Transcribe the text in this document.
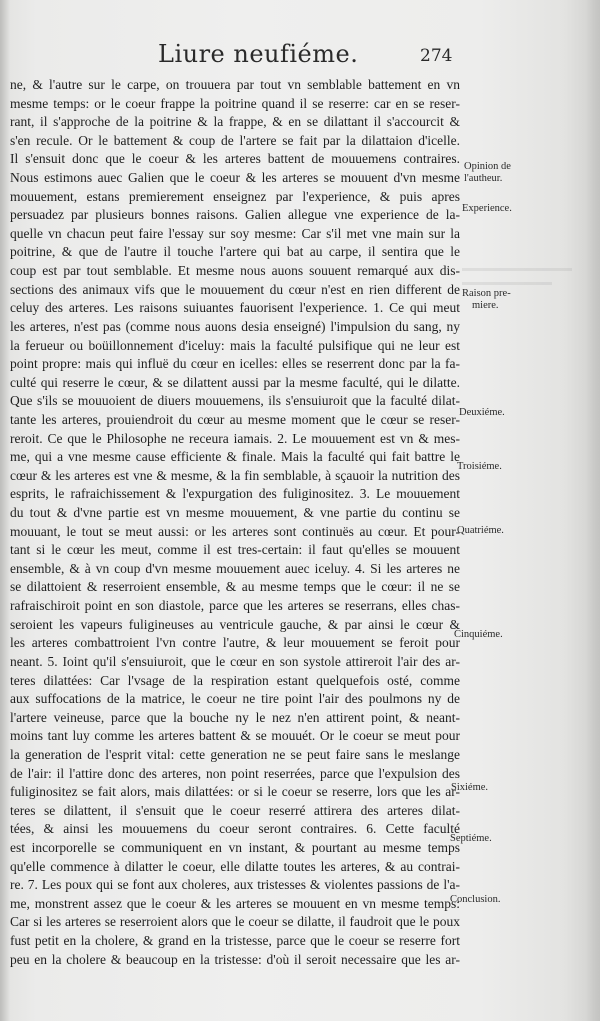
Liure neufiéme.	274
ne, & l'autre sur le carpe, on trouuera par tout vn semblable battement en vn
mesme temps: or le coeur frappe la poitrine quand il se reserre: car en se reser-
rant, il s'approche de la poitrine & la frappe, & en se dilattant il s'accourcit &
s'en recule. Or le battement & coup de l'artere se fait par la dilattaion d'icelle.
Il s'ensuit donc que le coeur & les arteres battent de mouuemens contraires.
Nous estimons auec Galien que le coeur & les arteres se mouuent d'vn mesme
mouuement, estans premierement enseignez par l'experience, & puis apres
persuadez par plusieurs bonnes raisons. Galien allegue vne experience de la-
quelle vn chacun peut faire l'essay sur soy mesme: Car s'il met vne main sur la
poitrine, & que de l'autre il touche l'artere qui bat au carpe, il sentira que le
coup est par tout semblable. Et mesme nous auons souuent remarqué aux dis-
sections des animaux vifs que le mouuement du cœur n'est en rien different de
celuy des arteres. Les raisons suiuantes fauorisent l'experience. 1. Ce qui meut
les arteres, n'est pas (comme nous auons desia enseigné) l'impulsion du sang, ny
la ferueur ou boüillonnement d'iceluy: mais la faculté pulsifique qui ne leur est
point propre: mais qui influë du cœur en icelles: elles se reserrent donc par la fa-
culté qui reserre le cœur, & se dilattent aussi par la mesme faculté, qui le dilatte.
Que s'ils se mouuoient de diuers mouuemens, ils s'ensuiuroit que la faculté dilat-
tante les arteres, prouiendroit du cœur au mesme moment que le cœur se reser-
reroit. Ce que le Philosophe ne receura iamais. 2. Le mouuement est vn & mes-
me, qui a vne mesme cause efficiente & finale. Mais la faculté qui fait battre le
cœur & les arteres est vne & mesme, & la fin semblable, à sçauoir la nutrition des
esprits, le rafraichissement & l'expurgation des fuliginositez. 3. Le mouuement
du tout & d'vne partie est vn mesme mouuement, & vne partie du continu se
mouuant, le tout se meut aussi: or les arteres sont continuës au cœur. Et pour-
tant si le cœur les meut, comme il est tres-certain: il faut qu'elles se mouuent
ensemble, & à vn coup d'vn mesme mouuement auec iceluy. 4. Si les arteres ne
se dilattoient & reserroient ensemble, & au mesme temps que le cœur: il ne se
rafraischiroit point en son diastole, parce que les arteres se reserrans, elles chas-
seroient les vapeurs fuligineuses au ventricule gauche, & par ainsi le cœur &
les arteres combattroient l'vn contre l'autre, & leur mouuement se feroit pour
neant. 5. Ioint qu'il s'ensuiuroit, que le cœur en son systole attireroit l'air des ar-
teres dilattées: Car l'vsage de la respiration estant quelquefois osté, comme
aux suffocations de la matrice, le coeur ne tire point l'air des poulmons ny de
l'artere veineuse, parce que la bouche ny le nez n'en attirent point, & neant-
moins tant luy comme les arteres battent & se mouuét. Or le coeur se meut pour
la generation de l'esprit vital: cette generation ne se peut faire sans le meslange
de l'air: il l'attire donc des arteres, non point reserrées, parce que l'expulsion des
fuliginositez se fait alors, mais dilattées: or si le coeur se reserre, lors que les ar-
teres se dilattent, il s'ensuit que le coeur reserré attirera des arteres dilat-
tées, & ainsi les mouuemens du coeur seront contraires. 6. Cette faculté
est incorporelle se communiquent en vn instant, & pourtant au mesme temps
qu'elle commence à dilatter le coeur, elle dilatte toutes les arteres, & au contrai-
re. 7. Les poux qui se font aux choleres, aux tristesses & violentes passions de l'a-
me, monstrent assez que le coeur & les arteres se mouuent en vn mesme temps:
Car si les arteres se reserroient alors que le coeur se dilatte, il faudroit que le poux
fust petit en la cholere, & grand en la tristesse, parce que le coeur se reserre fort
peu en la cholere & beaucoup en la tristesse: d'où il seroit necessaire que les ar-
Opinion de
l'autheur.
Experience.
Raison pre-
miere.
Deuxiéme.
Troisiéme.
Quatriéme.
Cinquiéme.
Sixiéme.
Septiéme.
Conclusion.
